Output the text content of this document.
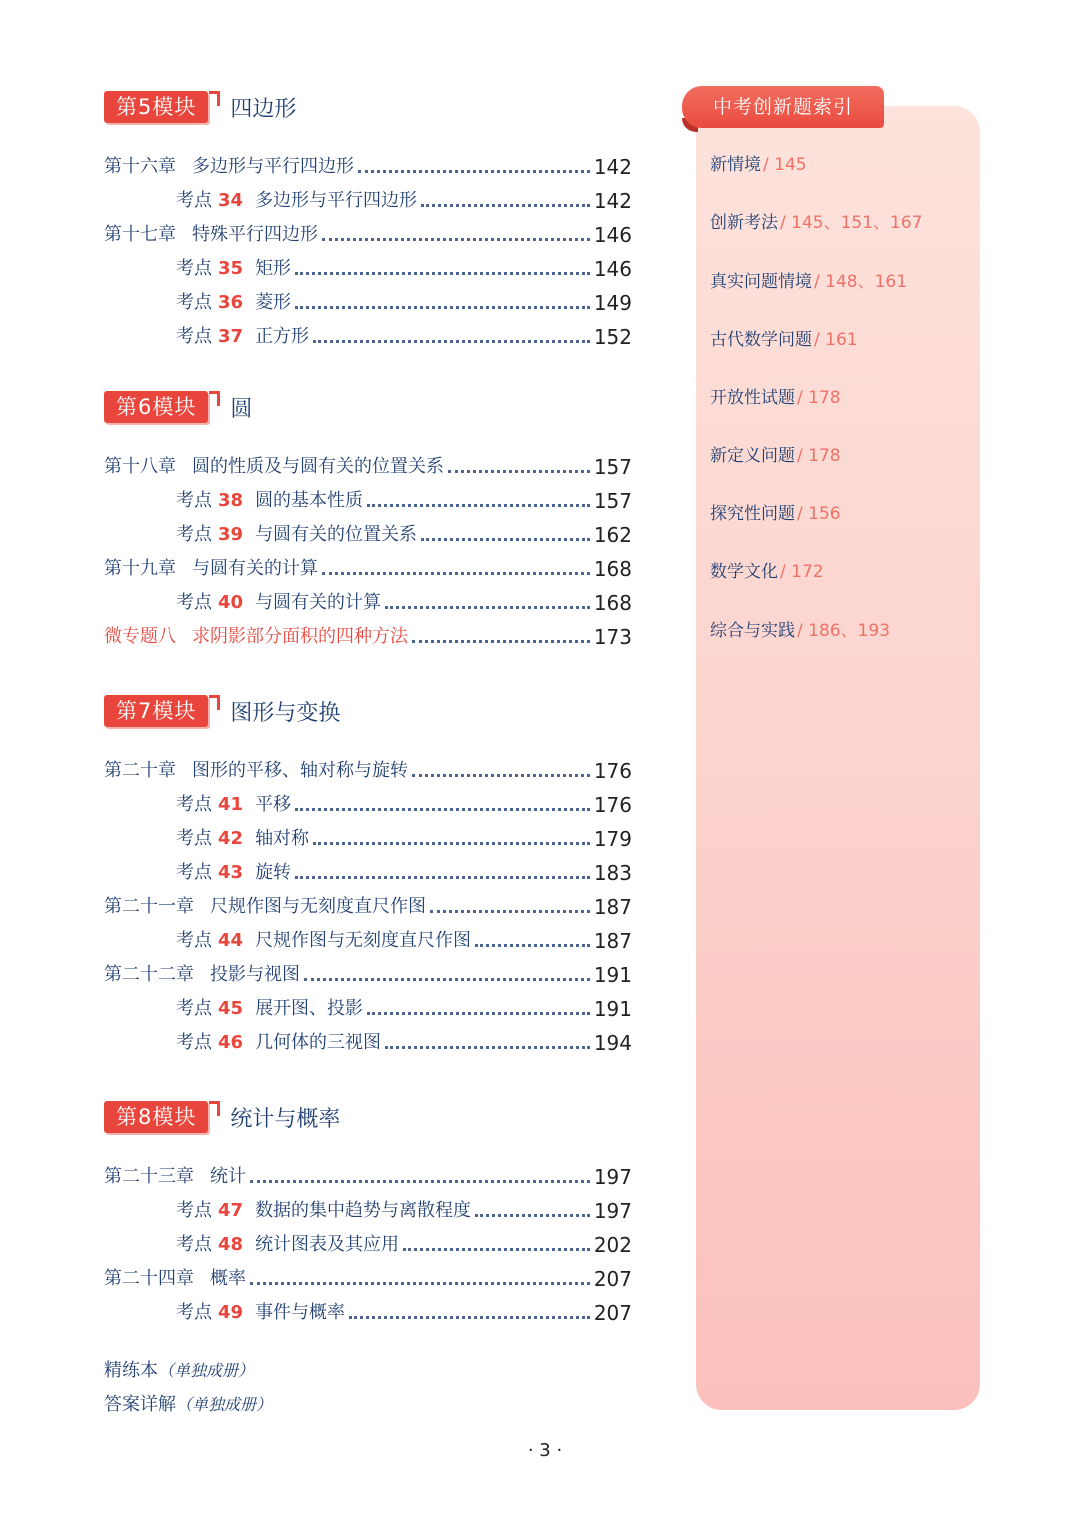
第5模块	四边形
第十六章 多边形与平行四边形	142
考点 34 多边形与平行四边形	142
第十七章 特殊平行四边形	146
考点 35 矩形	146
考点 36 菱形	149
考点 37 正方形	152
第6模块	圆
第十八章 圆的性质及与圆有关的位置关系	157
考点 38 圆的基本性质	157
考点 39 与圆有关的位置关系	162
第十九章 与圆有关的计算	168
考点 40 与圆有关的计算	168
微专题八 求阴影部分面积的四种方法	173
第7模块	图形与变换
第二十章 图形的平移、轴对称与旋转	176
考点 41 平移	176
考点 42 轴对称	179
考点 43 旋转	183
第二十一章 尺规作图与无刻度直尺作图	187
考点 44 尺规作图与无刻度直尺作图	187
第二十二章 投影与视图	191
考点 45 展开图、投影	191
考点 46 几何体的三视图	194
第8模块	统计与概率
第二十三章 统计	197
考点 47 数据的集中趋势与离散程度	197
考点 48 统计图表及其应用	202
第二十四章 概率	207
考点 49 事件与概率	207
精练本（单独成册）
答案详解（单独成册）
· 3 ·
中考创新题索引
新情境 / 145
创新考法 / 145、151、167
真实问题情境 / 148、161
古代数学问题 / 161
开放性试题 / 178
新定义问题 / 178
探究性问题 / 156
数学文化 / 172
综合与实践 / 186、193
